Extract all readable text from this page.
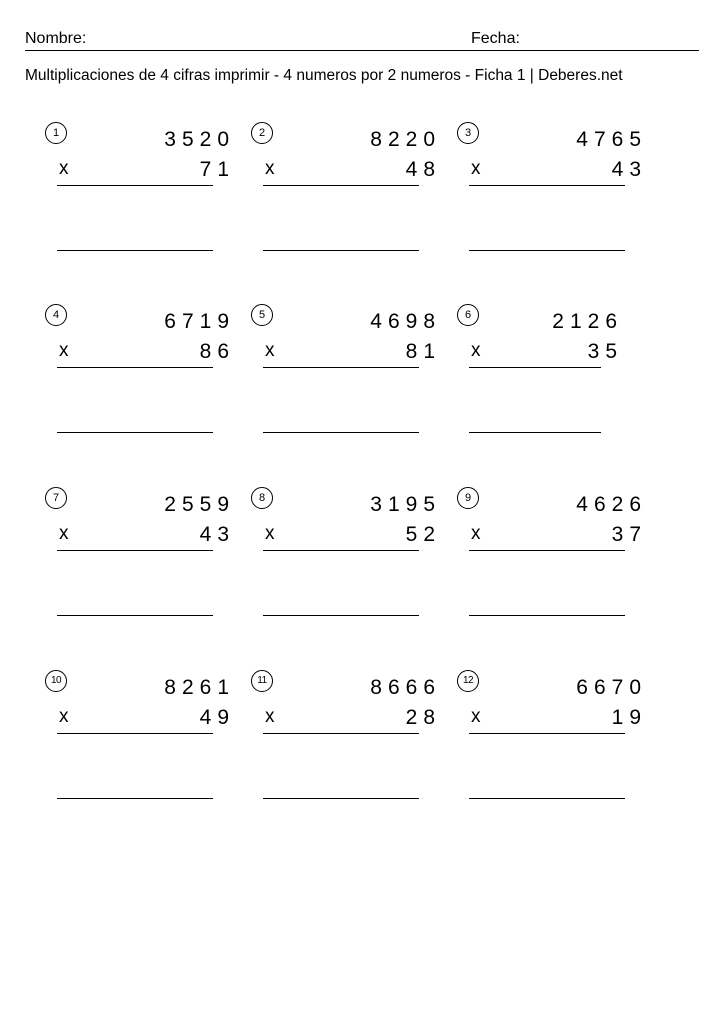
Nombre:	Fecha:
Multiplicaciones de 4 cifras imprimir - 4 numeros por 2 numeros - Ficha 1 | Deberes.net
1	3520
x	71
2	8220
x	48
3	4765
x	43
4	6719
x	86
5	4698
x	81
6	2126
x	35
7	2559
x	43
8	3195
x	52
9	4626
x	37
10	8261
x	49
11	8666
x	28
12	6670
x	19
